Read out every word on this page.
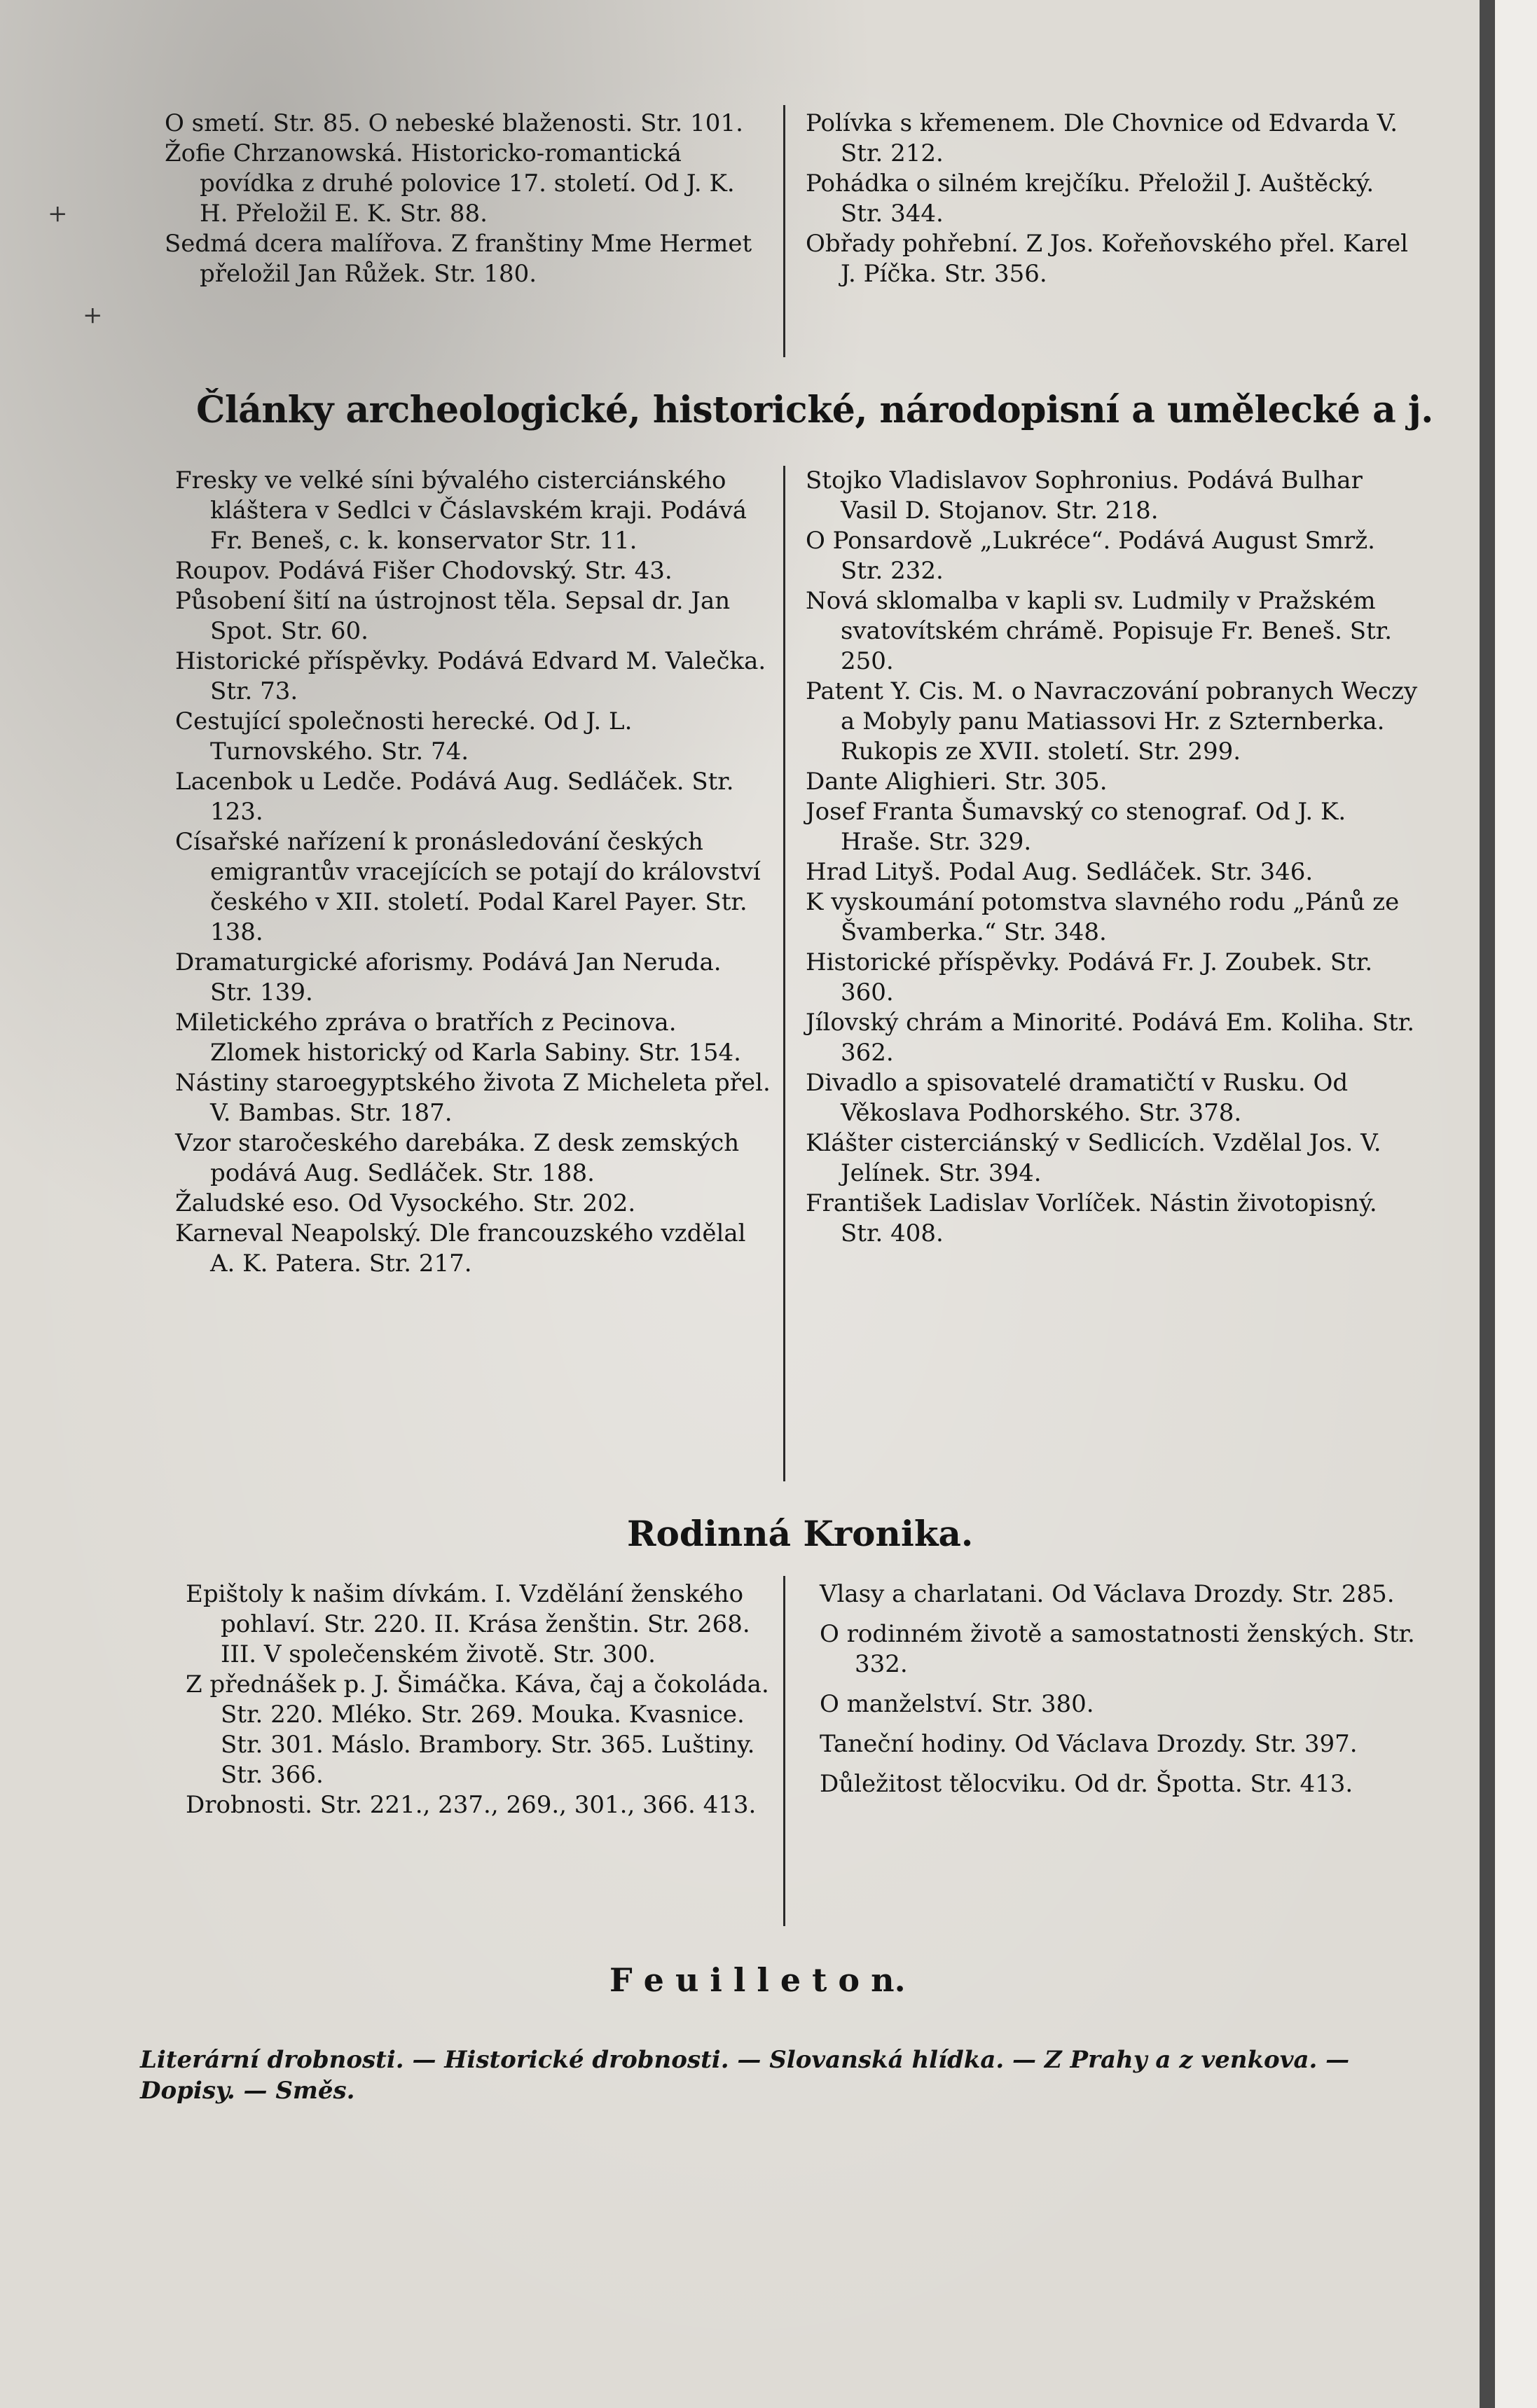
O smetí. Str. 85. O nebeské blaženosti. Str. 101.

Žofie Chrzanowská. Historicko-romantická povídka z druhé polovice 17. století. Od J. K. H. Přeložil E. K. Str. 88.

Sedmá dcera malířova. Z franštiny Mme Hermet přeložil Jan Růžek. Str. 180.

Polívka s křemenem. Dle Chovnice od Edvarda V. Str. 212.

Pohádka o silném krejčíku. Přeložil J. Auštěcký. Str. 344.

Obřady pohřební. Z Jos. Kořeňovského přel. Karel J. Píčka. Str. 356.

+
+
Články archeologické, historické, národopisní a umělecké a j.

Fresky ve velké síni bývalého cisterciánského kláštera v Sedlci v Čáslavském kraji. Podává Fr. Beneš, c. k. konservator Str. 11.

Roupov. Podává Fišer Chodovský. Str. 43.

Působení šití na ústrojnost těla. Sepsal dr. Jan Spot. Str. 60.

Historické příspěvky. Podává Edvard M. Valečka. Str. 73.

Cestující společnosti herecké. Od J. L. Turnovského. Str. 74.

Lacenbok u Ledče. Podává Aug. Sedláček. Str. 123.

Císařské nařízení k pronásledování českých emigrantův vracejících se potají do království českého v XII. století. Podal Karel Payer. Str. 138.

Dramaturgické aforismy. Podává Jan Neruda. Str. 139.

Miletického zpráva o bratřích z Pecinova. Zlomek historický od Karla Sabiny. Str. 154.

Nástiny staroegyptského života Z Micheleta přel. V. Bambas. Str. 187.

Vzor staročeského darebáka. Z desk zemských podává Aug. Sedláček. Str. 188.

Žaludské eso. Od Vysockého. Str. 202.

Karneval Neapolský. Dle francouzského vzdělal A. K. Patera. Str. 217.

Stojko Vladislavov Sophronius. Podává Bulhar Vasil D. Stojanov. Str. 218.

O Ponsardově „Lukréce“. Podává August Smrž. Str. 232.

Nová sklomalba v kapli sv. Ludmily v Pražském svatovítském chrámě. Popisuje Fr. Beneš. Str. 250.

Patent Y. Cis. M. o Navraczování pobranych Weczy a Mobyly panu Matiassovi Hr. z Szternberka. Rukopis ze XVII. století. Str. 299.

Dante Alighieri. Str. 305.

Josef Franta Šumavský co stenograf. Od J. K. Hraše. Str. 329.

Hrad Lityš. Podal Aug. Sedláček. Str. 346.

K vyskoumání potomstva slavného rodu „Pánů ze Švamberka.“ Str. 348.

Historické příspěvky. Podává Fr. J. Zoubek. Str. 360.

Jílovský chrám a Minorité. Podává Em. Koliha. Str. 362.

Divadlo a spisovatelé dramatičtí v Rusku. Od Věkoslava Podhorského. Str. 378.

Klášter cisterciánský v Sedlicích. Vzdělal Jos. V. Jelínek. Str. 394.

František Ladislav Vorlíček. Nástin životopisný. Str. 408.

Rodinná Kronika.

Epištoly k našim dívkám. I. Vzdělání ženského pohlaví. Str. 220. II. Krása ženštin. Str. 268. III. V společenském životě. Str. 300.

Z přednášek p. J. Šimáčka. Káva, čaj a čokoláda. Str. 220. Mléko. Str. 269. Mouka. Kvasnice. Str. 301. Máslo. Brambory. Str. 365. Luštiny. Str. 366.

Drobnosti. Str. 221., 237., 269., 301., 366. 413.

Vlasy a charlatani. Od Václava Drozdy. Str. 285.

O rodinném životě a samostatnosti ženských. Str. 332.

O manželství. Str. 380.

Taneční hodiny. Od Václava Drozdy. Str. 397.

Důležitost tělocviku. Od dr. Špotta. Str. 413.

F e u i l l e t o n.

Literární drobnosti. — Historické drobnosti. — Slovanská hlídka. — Z Prahy a z venkova. — Dopisy. — Směs.
